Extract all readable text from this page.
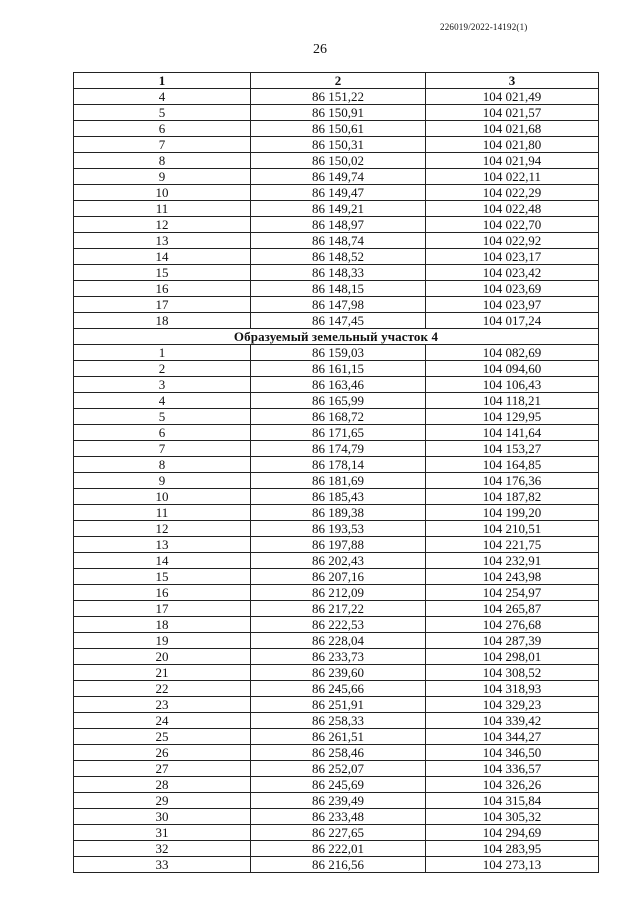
226019/2022-14192(1)
26
1	2	3
4	86 151,22	104 021,49
5	86 150,91	104 021,57
6	86 150,61	104 021,68
7	86 150,31	104 021,80
8	86 150,02	104 021,94
9	86 149,74	104 022,11
10	86 149,47	104 022,29
11	86 149,21	104 022,48
12	86 148,97	104 022,70
13	86 148,74	104 022,92
14	86 148,52	104 023,17
15	86 148,33	104 023,42
16	86 148,15	104 023,69
17	86 147,98	104 023,97
18	86 147,45	104 017,24
Образуемый земельный участок 4		
1	86 159,03	104 082,69
2	86 161,15	104 094,60
3	86 163,46	104 106,43
4	86 165,99	104 118,21
5	86 168,72	104 129,95
6	86 171,65	104 141,64
7	86 174,79	104 153,27
8	86 178,14	104 164,85
9	86 181,69	104 176,36
10	86 185,43	104 187,82
11	86 189,38	104 199,20
12	86 193,53	104 210,51
13	86 197,88	104 221,75
14	86 202,43	104 232,91
15	86 207,16	104 243,98
16	86 212,09	104 254,97
17	86 217,22	104 265,87
18	86 222,53	104 276,68
19	86 228,04	104 287,39
20	86 233,73	104 298,01
21	86 239,60	104 308,52
22	86 245,66	104 318,93
23	86 251,91	104 329,23
24	86 258,33	104 339,42
25	86 261,51	104 344,27
26	86 258,46	104 346,50
27	86 252,07	104 336,57
28	86 245,69	104 326,26
29	86 239,49	104 315,84
30	86 233,48	104 305,32
31	86 227,65	104 294,69
32	86 222,01	104 283,95
33	86 216,56	104 273,13
